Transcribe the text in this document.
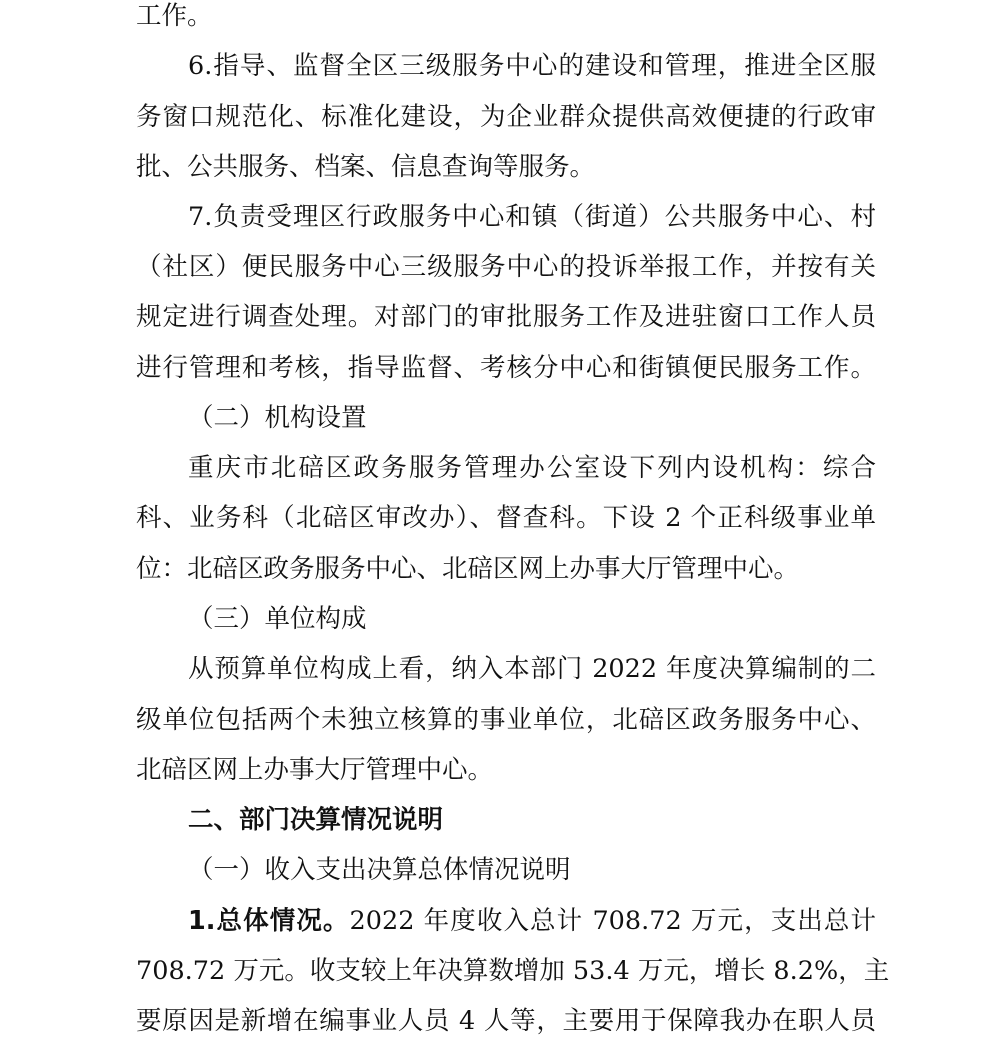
工作。
6.指导、监督全区三级服务中心的建设和管理，推进全区服
务窗口规范化、标准化建设，为企业群众提供高效便捷的行政审
批、公共服务、档案、信息查询等服务。
7.负责受理区行政服务中心和镇（街道）公共服务中心、村
（社区）便民服务中心三级服务中心的投诉举报工作，并按有关
规定进行调查处理。对部门的审批服务工作及进驻窗口工作人员
进行管理和考核，指导监督、考核分中心和街镇便民服务工作。
（二）机构设置
重庆市北碚区政务服务管理办公室设下列内设机构：综合
科、业务科（北碚区审改办）、督查科。下设 2 个正科级事业单
位：北碚区政务服务中心、北碚区网上办事大厅管理中心。
（三）单位构成
从预算单位构成上看，纳入本部门 2022 年度决算编制的二
级单位包括两个未独立核算的事业单位，北碚区政务服务中心、
北碚区网上办事大厅管理中心。
二、部门决算情况说明
（一）收入支出决算总体情况说明
1.总体情况。2022 年度收入总计 708.72 万元，支出总计
708.72 万元。收支较上年决算数增加 53.4 万元，增长 8.2%，主
要原因是新增在编事业人员 4 人等，主要用于保障我办在职人员
